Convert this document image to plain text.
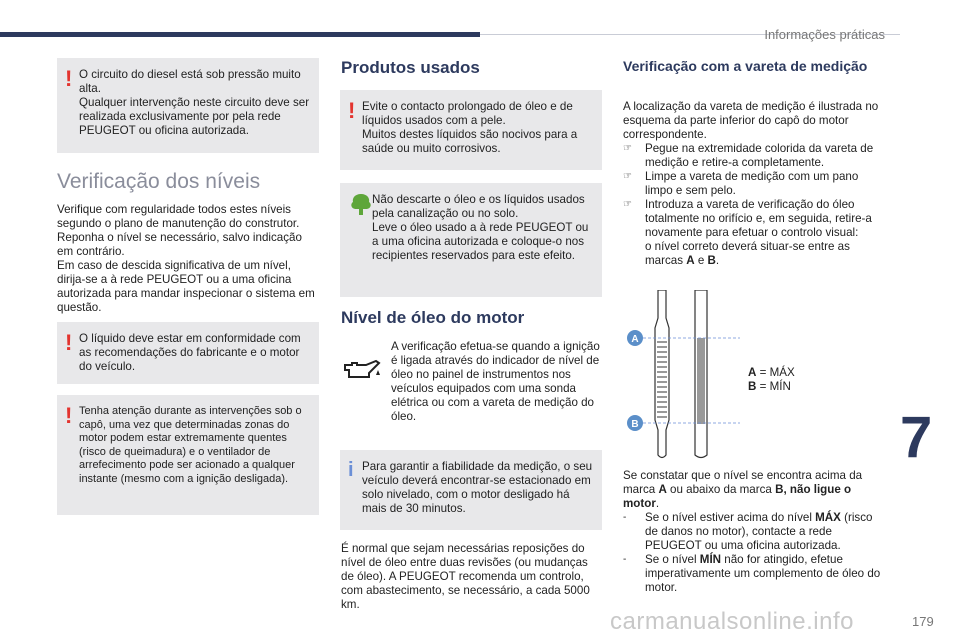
Informações práticas
! O circuito do diesel está sob pressão muito alta.

Qualquer intervenção neste circuito deve ser realizada exclusivamente por pela rede PEUGEOT ou oficina autorizada.

Verificação dos níveis

Verifique com regularidade todos estes níveis segundo o plano de manutenção do construtor.

Reponha o nível se necessário, salvo indicação em contrário.

Em caso de descida significativa de um nível, dirija-se a à rede PEUGEOT ou a uma oficina autorizada para mandar inspecionar o sistema em questão.

! O líquido deve estar em conformidade com as recomendações do fabricante e o motor do veículo.

! Tenha atenção durante as intervenções sob o capô, uma vez que determinadas zonas do motor podem estar extremamente quentes (risco de queimadura) e o ventilador de arrefecimento pode ser acionado a qualquer instante (mesmo com a ignição desligada).

Produtos usados
! Evite o contacto prolongado de óleo e de líquidos usados com a pele.

Muitos destes líquidos são nocivos para a saúde ou muito corrosivos.

Não descarte o óleo e os líquidos usados pela canalização ou no solo.

Leve o óleo usado a à rede PEUGEOT ou a uma oficina autorizada e coloque-o nos recipientes reservados para este efeito.

Nível de óleo do motor
A verificação efetua-se quando a ignição é ligada através do indicador de nível de óleo no painel de instrumentos nos veículos equipados com uma sonda elétrica ou com a vareta de medição do óleo.
i Para garantir a fiabilidade da medição, o seu veículo deverá encontrar-se estacionado em solo nivelado, com o motor desligado há mais de 30 minutos.

É normal que sejam necessárias reposições do nível de óleo entre duas revisões (ou mudanças de óleo). A PEUGEOT recomenda um controlo, com abastecimento, se necessário, a cada 5000 km.
Verificação com a vareta de medição

A localização da vareta de medição é ilustrada no esquema da parte inferior do capô do motor correspondente.

☞ Pegue na extremidade colorida da vareta de medição e retire-a completamente.
☞ Limpe a vareta de medição com um pano limpo e sem pelo.
☞ Introduza a vareta de verificação do óleo totalmente no orifício e, em seguida, retire-a novamente para efetuar o controlo visual:
o nível correto deverá situar-se entre as marcas A e B.
A
B
A = MÁX
B = MÍN

Se constatar que o nível se encontra acima da marca A ou abaixo da marca B, não ligue o motor.

- Se o nível estiver acima do nível MÁX (risco de danos no motor), contacte a rede PEUGEOT ou uma oficina autorizada.
- Se o nível MÍN não for atingido, efetue imperativamente um complemento de óleo do motor.
7
carmanualsonline.info	179
